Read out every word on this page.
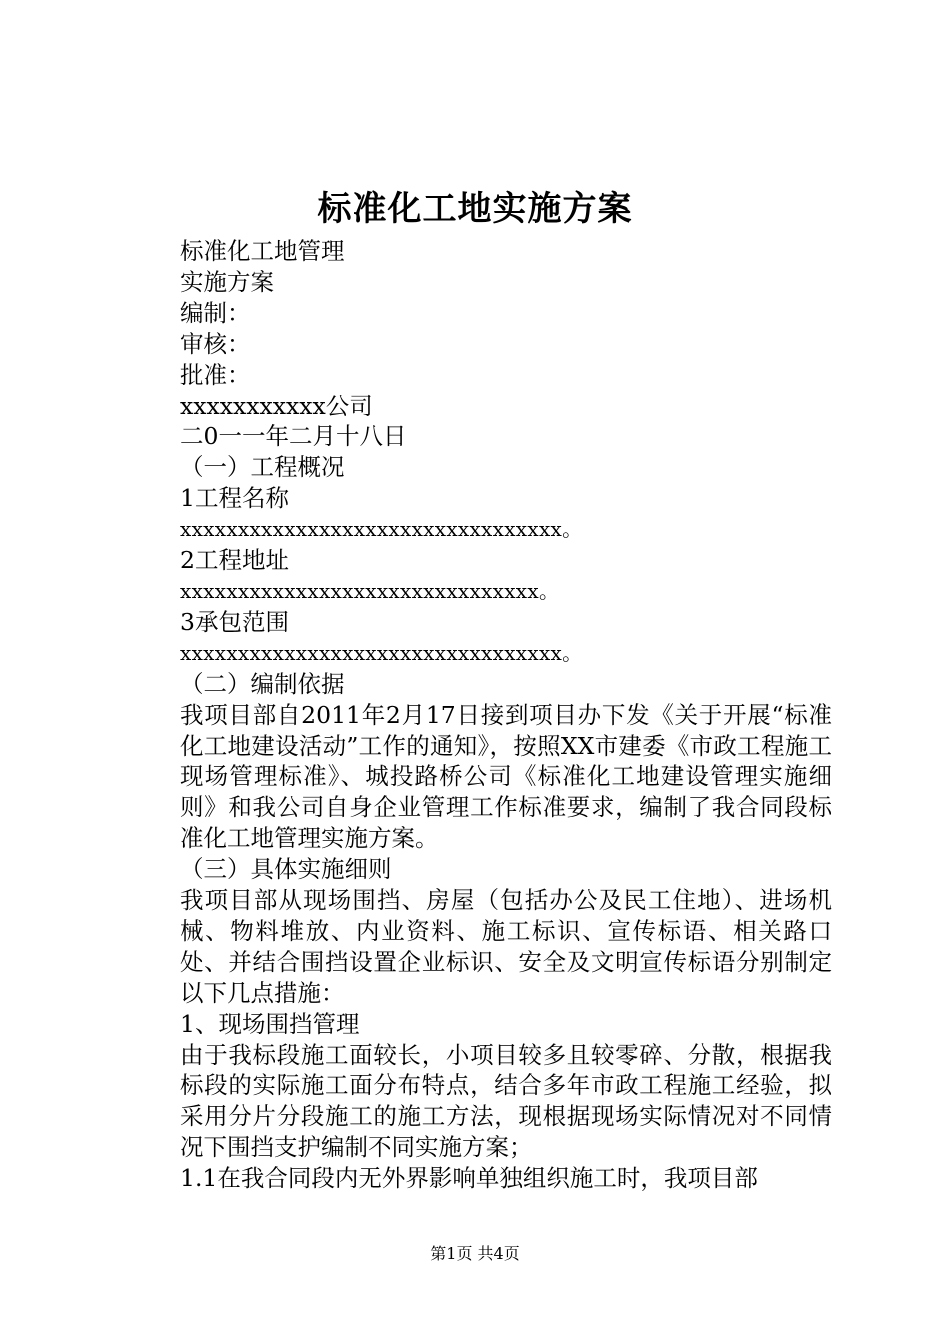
标准化工地实施方案

标准化工地管理

实施方案

编制：

审核：

批准：

xxxxxxxxxxx公司

二0一一年二月十八日

（一）工程概况

1工程名称

xxxxxxxxxxxxxxxxxxxxxxxxxxxxxxxxx。

2工程地址

xxxxxxxxxxxxxxxxxxxxxxxxxxxxxxx。

3承包范围

xxxxxxxxxxxxxxxxxxxxxxxxxxxxxxxxx。

（二）编制依据

我项目部自2011年2月17日接到项目办下发《关于开展“标准化工地建设活动”工作的通知》，按照XX市建委《市政工程施工现场管理标准》、城投路桥公司《标准化工地建设管理实施细则》和我公司自身企业管理工作标准要求，编制了我合同段标准化工地管理实施方案。

（三）具体实施细则

我项目部从现场围挡、房屋（包括办公及民工住地）、进场机械、物料堆放、内业资料、施工标识、宣传标语、相关路口处、并结合围挡设置企业标识、安全及文明宣传标语分别制定以下几点措施：

1、现场围挡管理

由于我标段施工面较长，小项目较多且较零碎、分散，根据我标段的实际施工面分布特点，结合多年市政工程施工经验，拟采用分片分段施工的施工方法，现根据现场实际情况对不同情况下围挡支护编制不同实施方案；

1.1在我合同段内无外界影响单独组织施工时，我项目部

第1页 共4页
